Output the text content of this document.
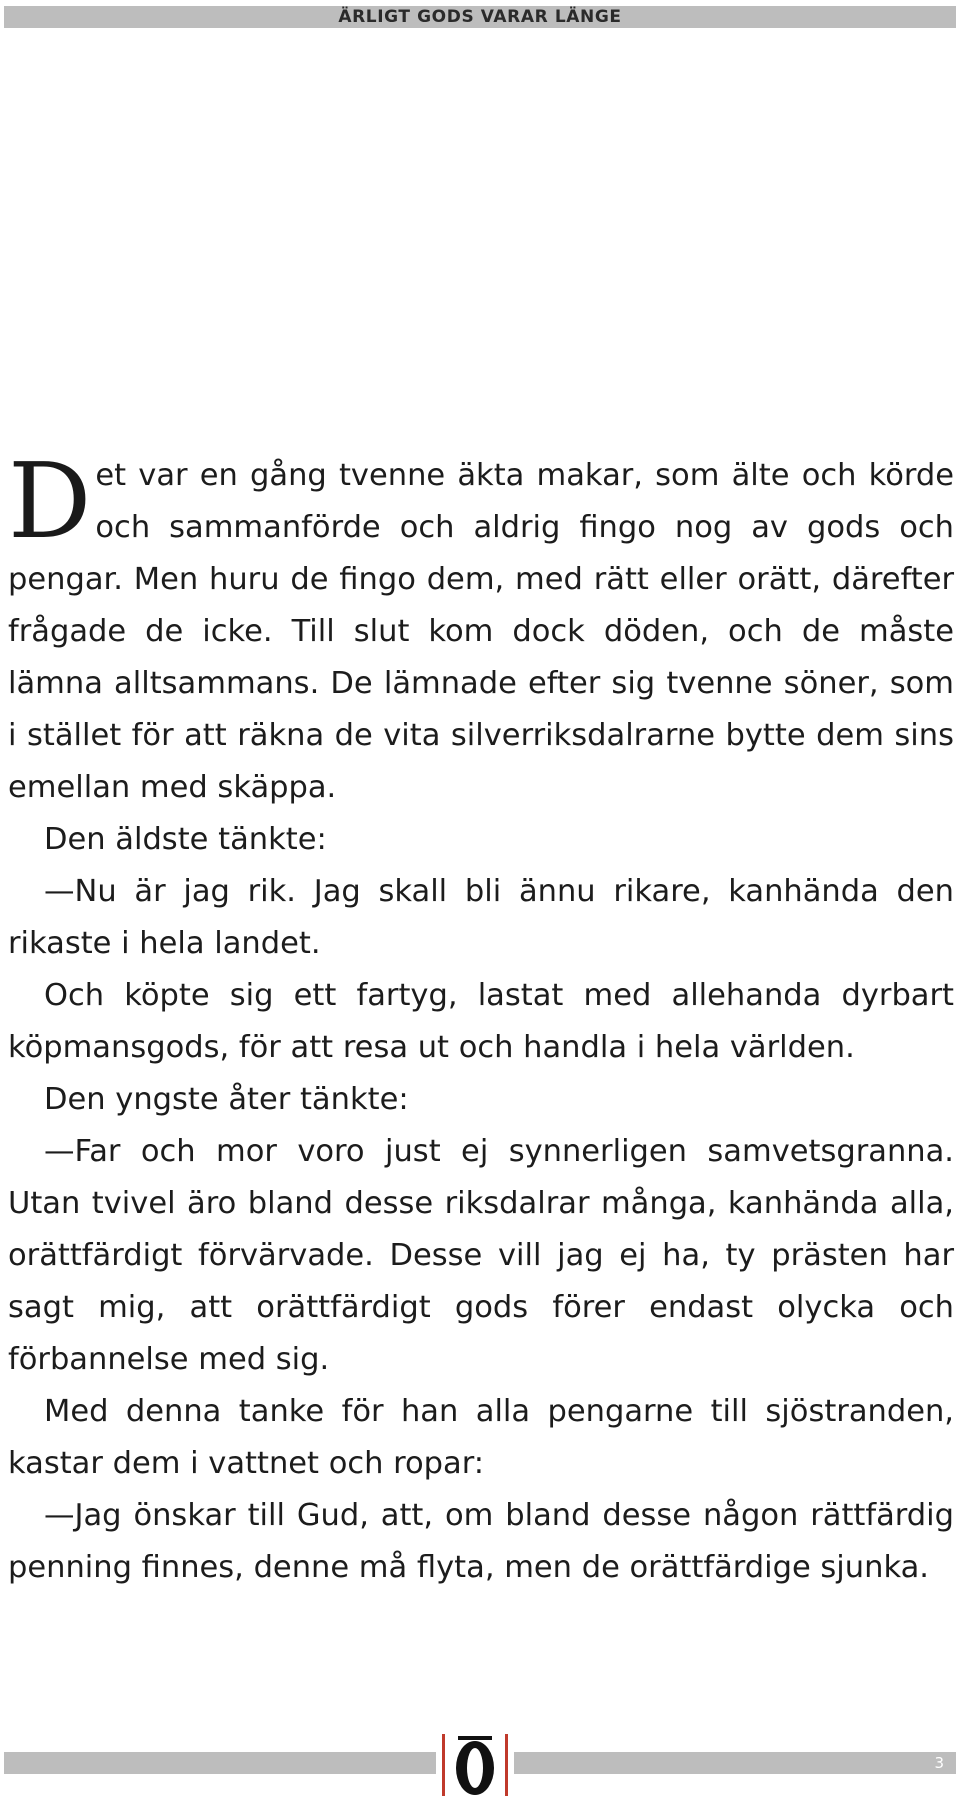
ÄRLIGT GODS VARAR LÄNGE

Det var en gång tvenne äkta makar, som älte och körde och sammanförde och aldrig fingo nog av gods och pengar. Men huru de fingo dem, med rätt eller orätt, därefter frågade de icke. Till slut kom dock döden, och de måste lämna alltsammans. De lämnade efter sig tvenne söner, som i stället för att räkna de vita silverriksdalrarne bytte dem sins emellan med skäppa.

Den äldste tänkte:

—Nu är jag rik. Jag skall bli ännu rikare, kanhända den rikaste i hela landet.

Och köpte sig ett fartyg, lastat med allehanda dyrbart köpmansgods, för att resa ut och handla i hela världen.

Den yngste åter tänkte:

—Far och mor voro just ej synnerligen samvetsgranna. Utan tvivel äro bland desse riksdalrar många, kanhända alla, orättfärdigt förvärvade. Desse vill jag ej ha, ty prästen har sagt mig, att orättfärdigt gods förer endast olycka och förbannelse med sig.

Med denna tanke för han alla pengarne till sjöstranden, kastar dem i vattnet och ropar:

—Jag önskar till Gud, att, om bland desse någon rättfärdig penning finnes, denne må flyta, men de orättfärdige sjunka.

3
